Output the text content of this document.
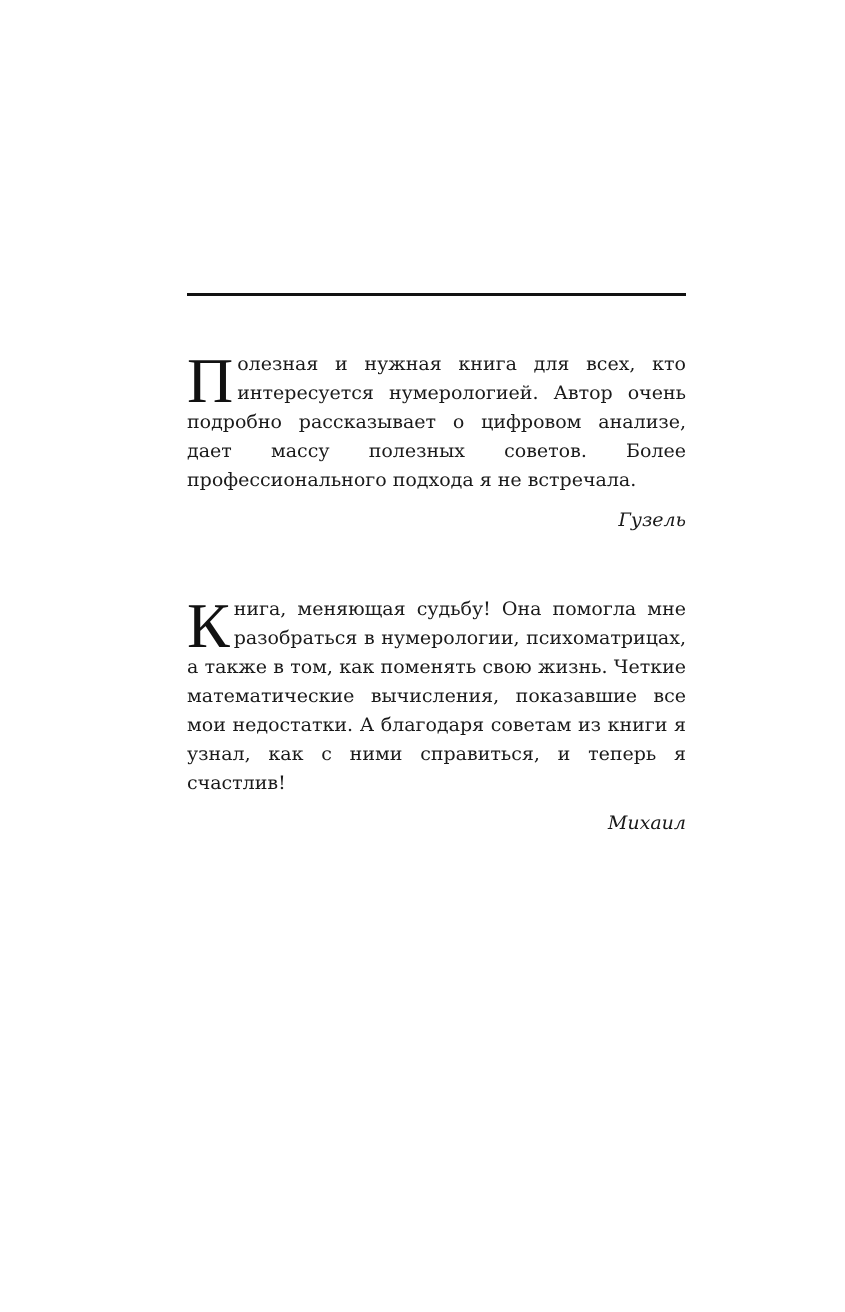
Полезная и нужная книга для всех, кто интересуется нумерологией. Автор очень подробно рассказывает о цифровом анализе, дает массу полезных советов. Более профессионального подхода я не встречала.

Гузель

Книга, меняющая судьбу! Она помогла мне разобраться в нумерологии, психоматрицах, а также в том, как поменять свою жизнь. Четкие математические вычисления, показавшие все мои недостатки. А благодаря советам из книги я узнал, как с ними справиться, и теперь я счастлив!

Михаил
